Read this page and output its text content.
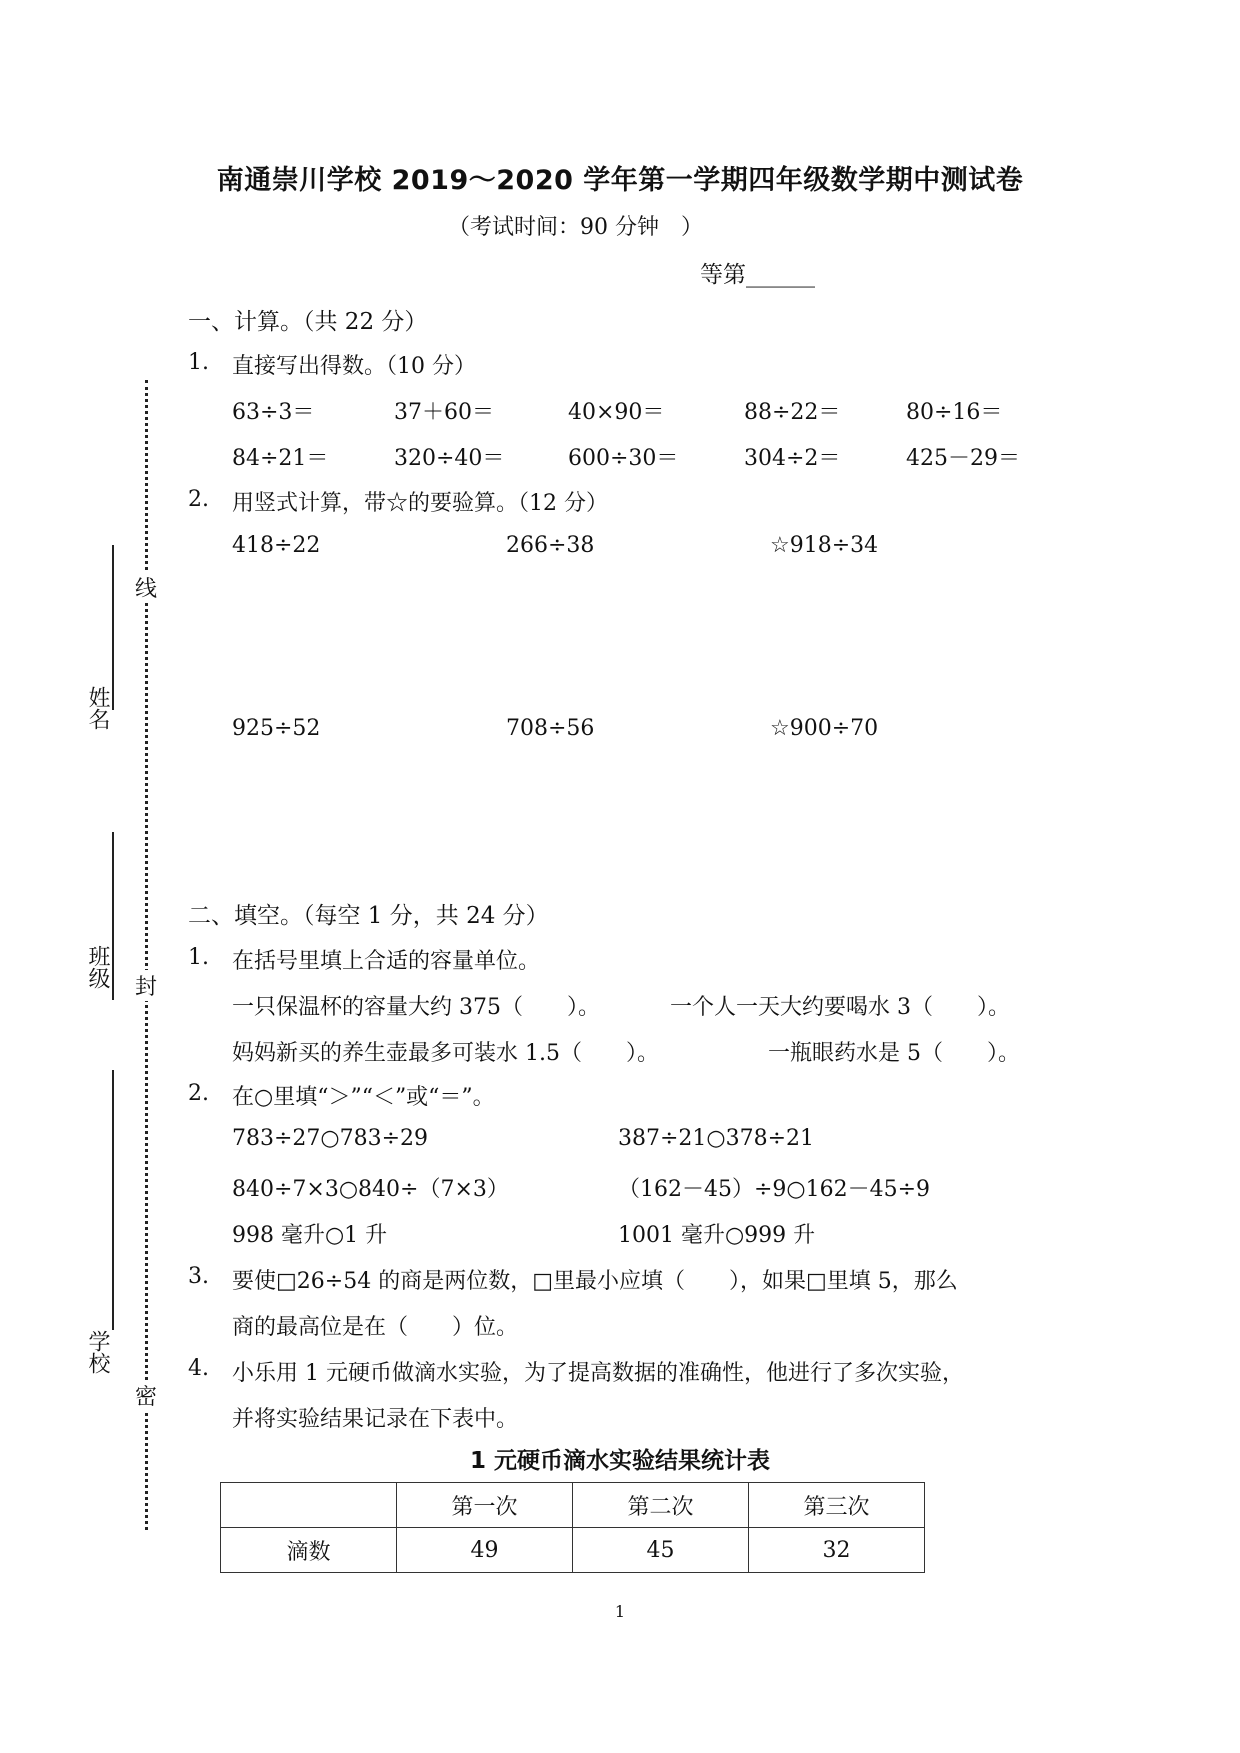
南通崇川学校 2019～2020 学年第一学期四年级数学期中测试卷
（考试时间：90 分钟　）
等第______
姓名
班级
学校
线
封
密
一、计算。（共 22 分）
1. 直接写出得数。（10 分）
63÷3＝	37＋60＝	40×90＝	88÷22＝	80÷16＝
84÷21＝	320÷40＝	600÷30＝	304÷2＝	425－29＝
2. 用竖式计算，带☆的要验算。（12 分）
418÷22	266÷38	☆918÷34
925÷52	708÷56	☆900÷70
二、填空。（每空 1 分，共 24 分）
1. 在括号里填上合适的容量单位。
一只保温杯的容量大约 375（　　）。	一个人一天大约要喝水 3（　　）。
妈妈新买的养生壶最多可装水 1.5（　　）。	一瓶眼药水是 5（　　）。
2. 在○里填“＞”“＜”或“＝”。
783÷27○783÷29	387÷21○378÷21
840÷7×3○840÷（7×3）	（162－45）÷9○162－45÷9
998 毫升○1 升	1001 毫升○999 升
3. 要使□26÷54 的商是两位数，□里最小应填（　　），如果□里填 5，那么
商的最高位是在（　　）位。
4. 小乐用 1 元硬币做滴水实验，为了提高数据的准确性，他进行了多次实验，
并将实验结果记录在下表中。
1 元硬币滴水实验结果统计表
	第一次	第二次	第三次
滴数	49	45	32
1
